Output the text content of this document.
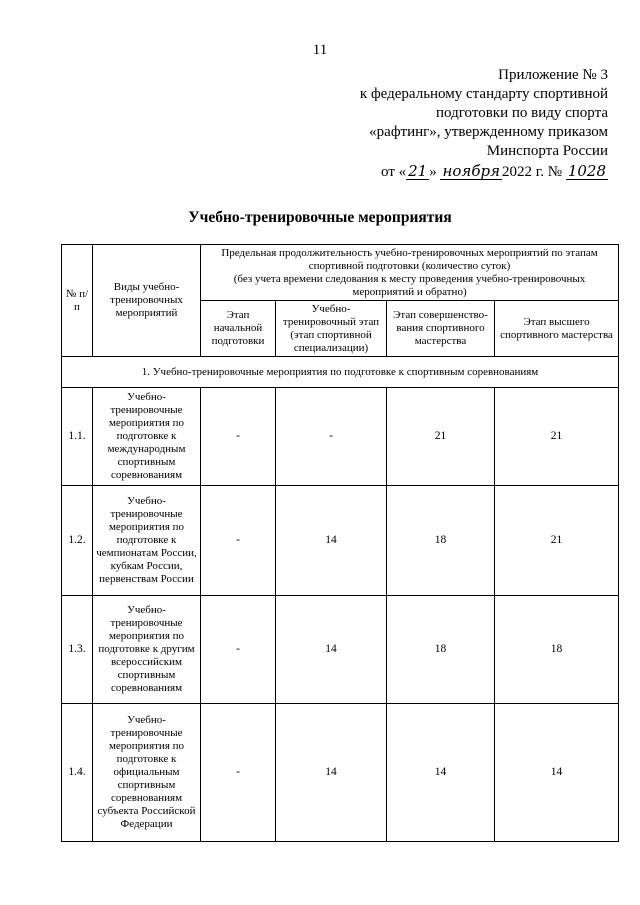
11
Приложение № 3
к федеральному стандарту спортивной
подготовки по виду спорта
«рафтинг», утвержденному приказом
Минспорта России
от « 21 » ноября 2022 г. № 1028
Учебно-тренировочные мероприятия
№ п/п	Виды учебно-тренировочных мероприятий	Предельная продолжительность учебно-тренировочных мероприятий по этапам спортивной подготовки (количество суток)
(без учета времени следования к месту проведения учебно-тренировочных мероприятий и обратно)			

		Этап начальной подготовки	Учебно-тренировочный этап (этап спортивной специализации)	Этап совершенство-вания спортивного мастерства	Этап высшего спортивного мастерства
1. Учебно-тренировочные мероприятия по подготовке к спортивным соревнованиям					
1.1.	Учебно-тренировочные мероприятия по подготовке к международным спортивным соревнованиям	-	-	21	21
1.2.	Учебно-тренировочные мероприятия по подготовке к чемпионатам России, кубкам России, первенствам России	-	14	18	21
1.3.	Учебно-тренировочные мероприятия по подготовке к другим всероссийским спортивным соревнованиям	-	14	18	18
1.4.	Учебно-тренировочные мероприятия по подготовке к официальным спортивным соревнованиям субъекта Российской Федерации	-	14	14	14
